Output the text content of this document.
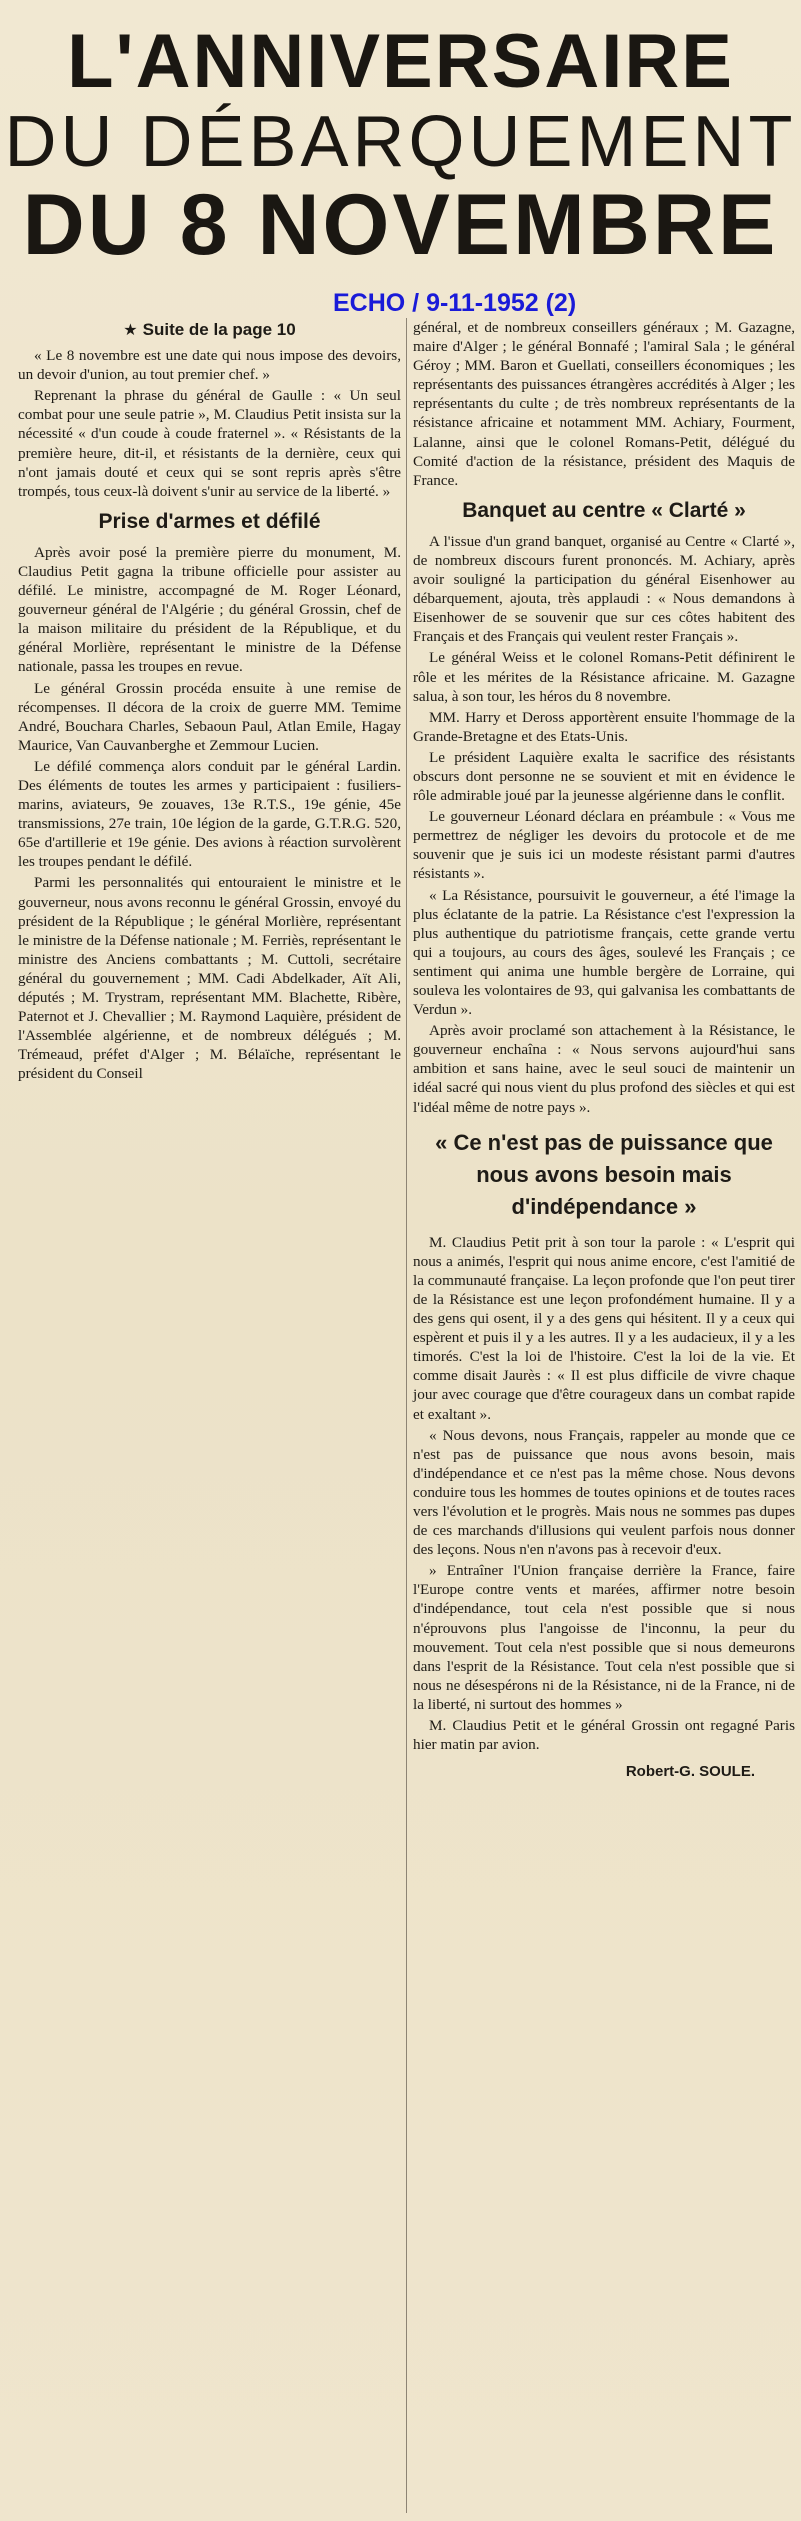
L'ANNIVERSAIRE
DU DÉBARQUEMENT
DU 8 NOVEMBRE
ECHO / 9-11-1952 (2)
★ Suite de la page 10

« Le 8 novembre est une date qui nous impose des devoirs, un devoir d'union, au tout premier chef. »

Reprenant la phrase du général de Gaulle : « Un seul combat pour une seule patrie », M. Claudius Petit insista sur la nécessité « d'un coude à coude fraternel ». « Résistants de la première heure, dit-il, et résistants de la dernière, ceux qui n'ont jamais douté et ceux qui se sont repris après s'être trompés, tous ceux-là doivent s'unir au service de la liberté. »

Prise d'armes et défilé

Après avoir posé la première pierre du monument, M. Claudius Petit gagna la tribune officielle pour assister au défilé. Le ministre, accompagné de M. Roger Léonard, gouverneur général de l'Algérie ; du général Grossin, chef de la maison militaire du président de la République, et du général Morlière, représentant le ministre de la Défense nationale, passa les troupes en revue.

Le général Grossin procéda ensuite à une remise de récompenses. Il décora de la croix de guerre MM. Temime André, Bouchara Charles, Sebaoun Paul, Atlan Emile, Hagay Maurice, Van Cauvanberghe et Zemmour Lucien.

Le défilé commença alors conduit par le général Lardin. Des éléments de toutes les armes y participaient : fusiliers-marins, aviateurs, 9e zouaves, 13e R.T.S., 19e génie, 45e transmissions, 27e train, 10e légion de la garde, G.T.R.G. 520, 65e d'artillerie et 19e génie. Des avions à réaction survolèrent les troupes pendant le défilé.

Parmi les personnalités qui entouraient le ministre et le gouverneur, nous avons reconnu le général Grossin, envoyé du président de la République ; le général Morlière, représentant le ministre de la Défense nationale ; M. Ferriès, représentant le ministre des Anciens combattants ; M. Cuttoli, secrétaire général du gouvernement ; MM. Cadi Abdelkader, Aït Ali, députés ; M. Trystram, représentant MM. Blachette, Ribère, Paternot et J. Chevallier ; M. Raymond Laquière, président de l'Assemblée algérienne, et de nombreux délégués ; M. Trémeaud, préfet d'Alger ; M. Bélaïche, représentant le président du Conseil

général, et de nombreux conseillers généraux ; M. Gazagne, maire d'Alger ; le général Bonnafé ; l'amiral Sala ; le général Géroy ; MM. Baron et Guellati, conseillers économiques ; les représentants des puissances étrangères accrédités à Alger ; les représentants du culte ; de très nombreux représentants de la résistance africaine et notamment MM. Achiary, Fourment, Lalanne, ainsi que le colonel Romans-Petit, délégué du Comité d'action de la résistance, président des Maquis de France.

Banquet au centre « Clarté »

A l'issue d'un grand banquet, organisé au Centre « Clarté », de nombreux discours furent prononcés. M. Achiary, après avoir souligné la participation du général Eisenhower au débarquement, ajouta, très applaudi : « Nous demandons à Eisenhower de se souvenir que sur ces côtes habitent des Français et des Français qui veulent rester Français ».

Le général Weiss et le colonel Romans-Petit définirent le rôle et les mérites de la Résistance africaine. M. Gazagne salua, à son tour, les héros du 8 novembre.

MM. Harry et Deross apportèrent ensuite l'hommage de la Grande-Bretagne et des Etats-Unis.

Le président Laquière exalta le sacrifice des résistants obscurs dont personne ne se souvient et mit en évidence le rôle admirable joué par la jeunesse algérienne dans le conflit.

Le gouverneur Léonard déclara en préambule : « Vous me permettrez de négliger les devoirs du protocole et de me souvenir que je suis ici un modeste résistant parmi d'autres résistants ».

« La Résistance, poursuivit le gouverneur, a été l'image la plus éclatante de la patrie. La Résistance c'est l'expression la plus authentique du patriotisme français, cette grande vertu qui a toujours, au cours des âges, soulevé les Français ; ce sentiment qui anima une humble bergère de Lorraine, qui souleva les volontaires de 93, qui galvanisa les combattants de Verdun ».

Après avoir proclamé son attachement à la Résistance, le gouverneur enchaîna : « Nous servons aujourd'hui sans ambition et sans haine, avec le seul souci de maintenir un idéal sacré qui nous vient du plus profond des siècles et qui est l'idéal même de notre pays ».

« Ce n'est pas de puissance que nous avons besoin mais d'indépendance »

M. Claudius Petit prit à son tour la parole : « L'esprit qui nous a animés, l'esprit qui nous anime encore, c'est l'amitié de la communauté française. La leçon profonde que l'on peut tirer de la Résistance est une leçon profondément humaine. Il y a des gens qui osent, il y a des gens qui hésitent. Il y a ceux qui espèrent et puis il y a les autres. Il y a les audacieux, il y a les timorés. C'est la loi de l'histoire. C'est la loi de la vie. Et comme disait Jaurès : « Il est plus difficile de vivre chaque jour avec courage que d'être courageux dans un combat rapide et exaltant ».

« Nous devons, nous Français, rappeler au monde que ce n'est pas de puissance que nous avons besoin, mais d'indépendance et ce n'est pas la même chose. Nous devons conduire tous les hommes de toutes opinions et de toutes races vers l'évolution et le progrès. Mais nous ne sommes pas dupes de ces marchands d'illusions qui veulent parfois nous donner des leçons. Nous n'en n'avons pas à recevoir d'eux.

» Entraîner l'Union française derrière la France, faire l'Europe contre vents et marées, affirmer notre besoin d'indépendance, tout cela n'est possible que si nous n'éprouvons plus l'angoisse de l'inconnu, la peur du mouvement. Tout cela n'est possible que si nous demeurons dans l'esprit de la Résistance. Tout cela n'est possible que si nous ne désespérons ni de la Résistance, ni de la France, ni de la liberté, ni surtout des hommes »

M. Claudius Petit et le général Grossin ont regagné Paris hier matin par avion.

Robert-G. SOULE.
